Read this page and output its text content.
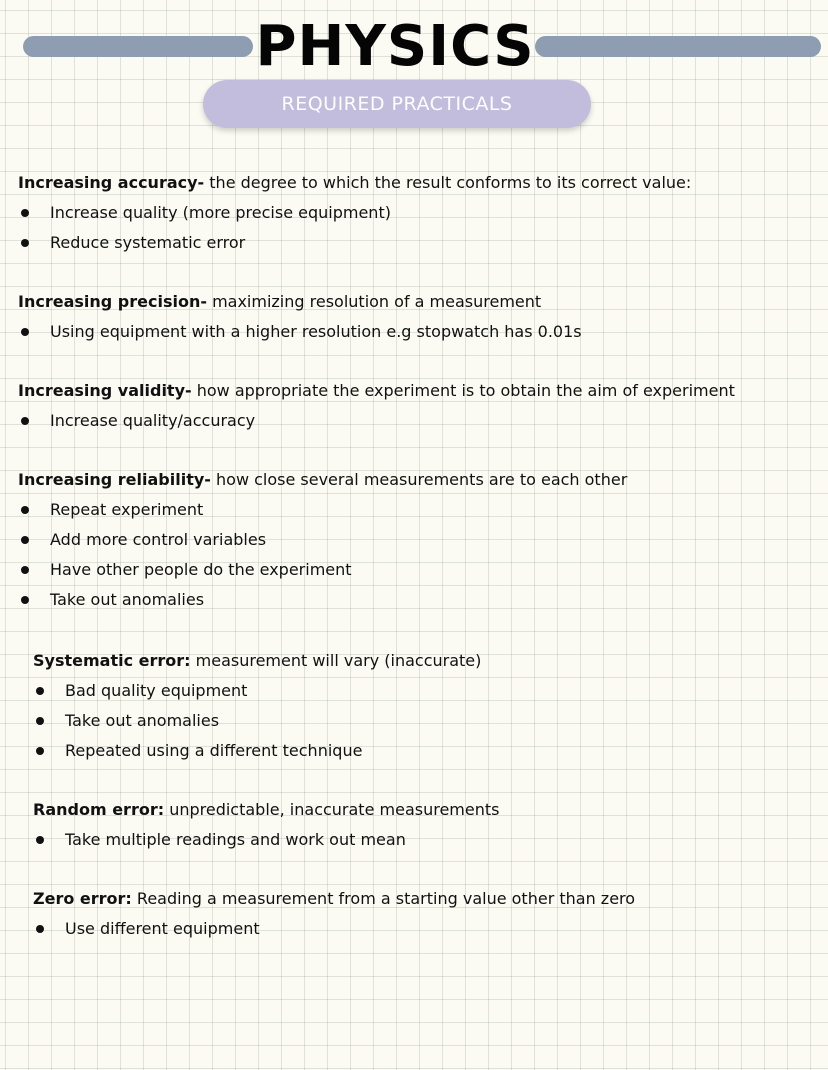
PHYSICS
REQUIRED PRACTICALS
Increasing accuracy- the degree to which the result conforms to its correct value:
Increase quality (more precise equipment)
Reduce systematic error
Increasing precision- maximizing resolution of a measurement
Using equipment with a higher resolution e.g stopwatch has 0.01s
Increasing validity- how appropriate the experiment is to obtain the aim of experiment
Increase quality/accuracy
Increasing reliability- how close several measurements are to each other
Repeat experiment
Add more control variables
Have other people do the experiment
Take out anomalies
Systematic error: measurement will vary (inaccurate)
Bad quality equipment
Take out anomalies
Repeated using a different technique
Random error: unpredictable, inaccurate measurements
Take multiple readings and work out mean
Zero error: Reading a measurement from a starting value other than zero
Use different equipment
